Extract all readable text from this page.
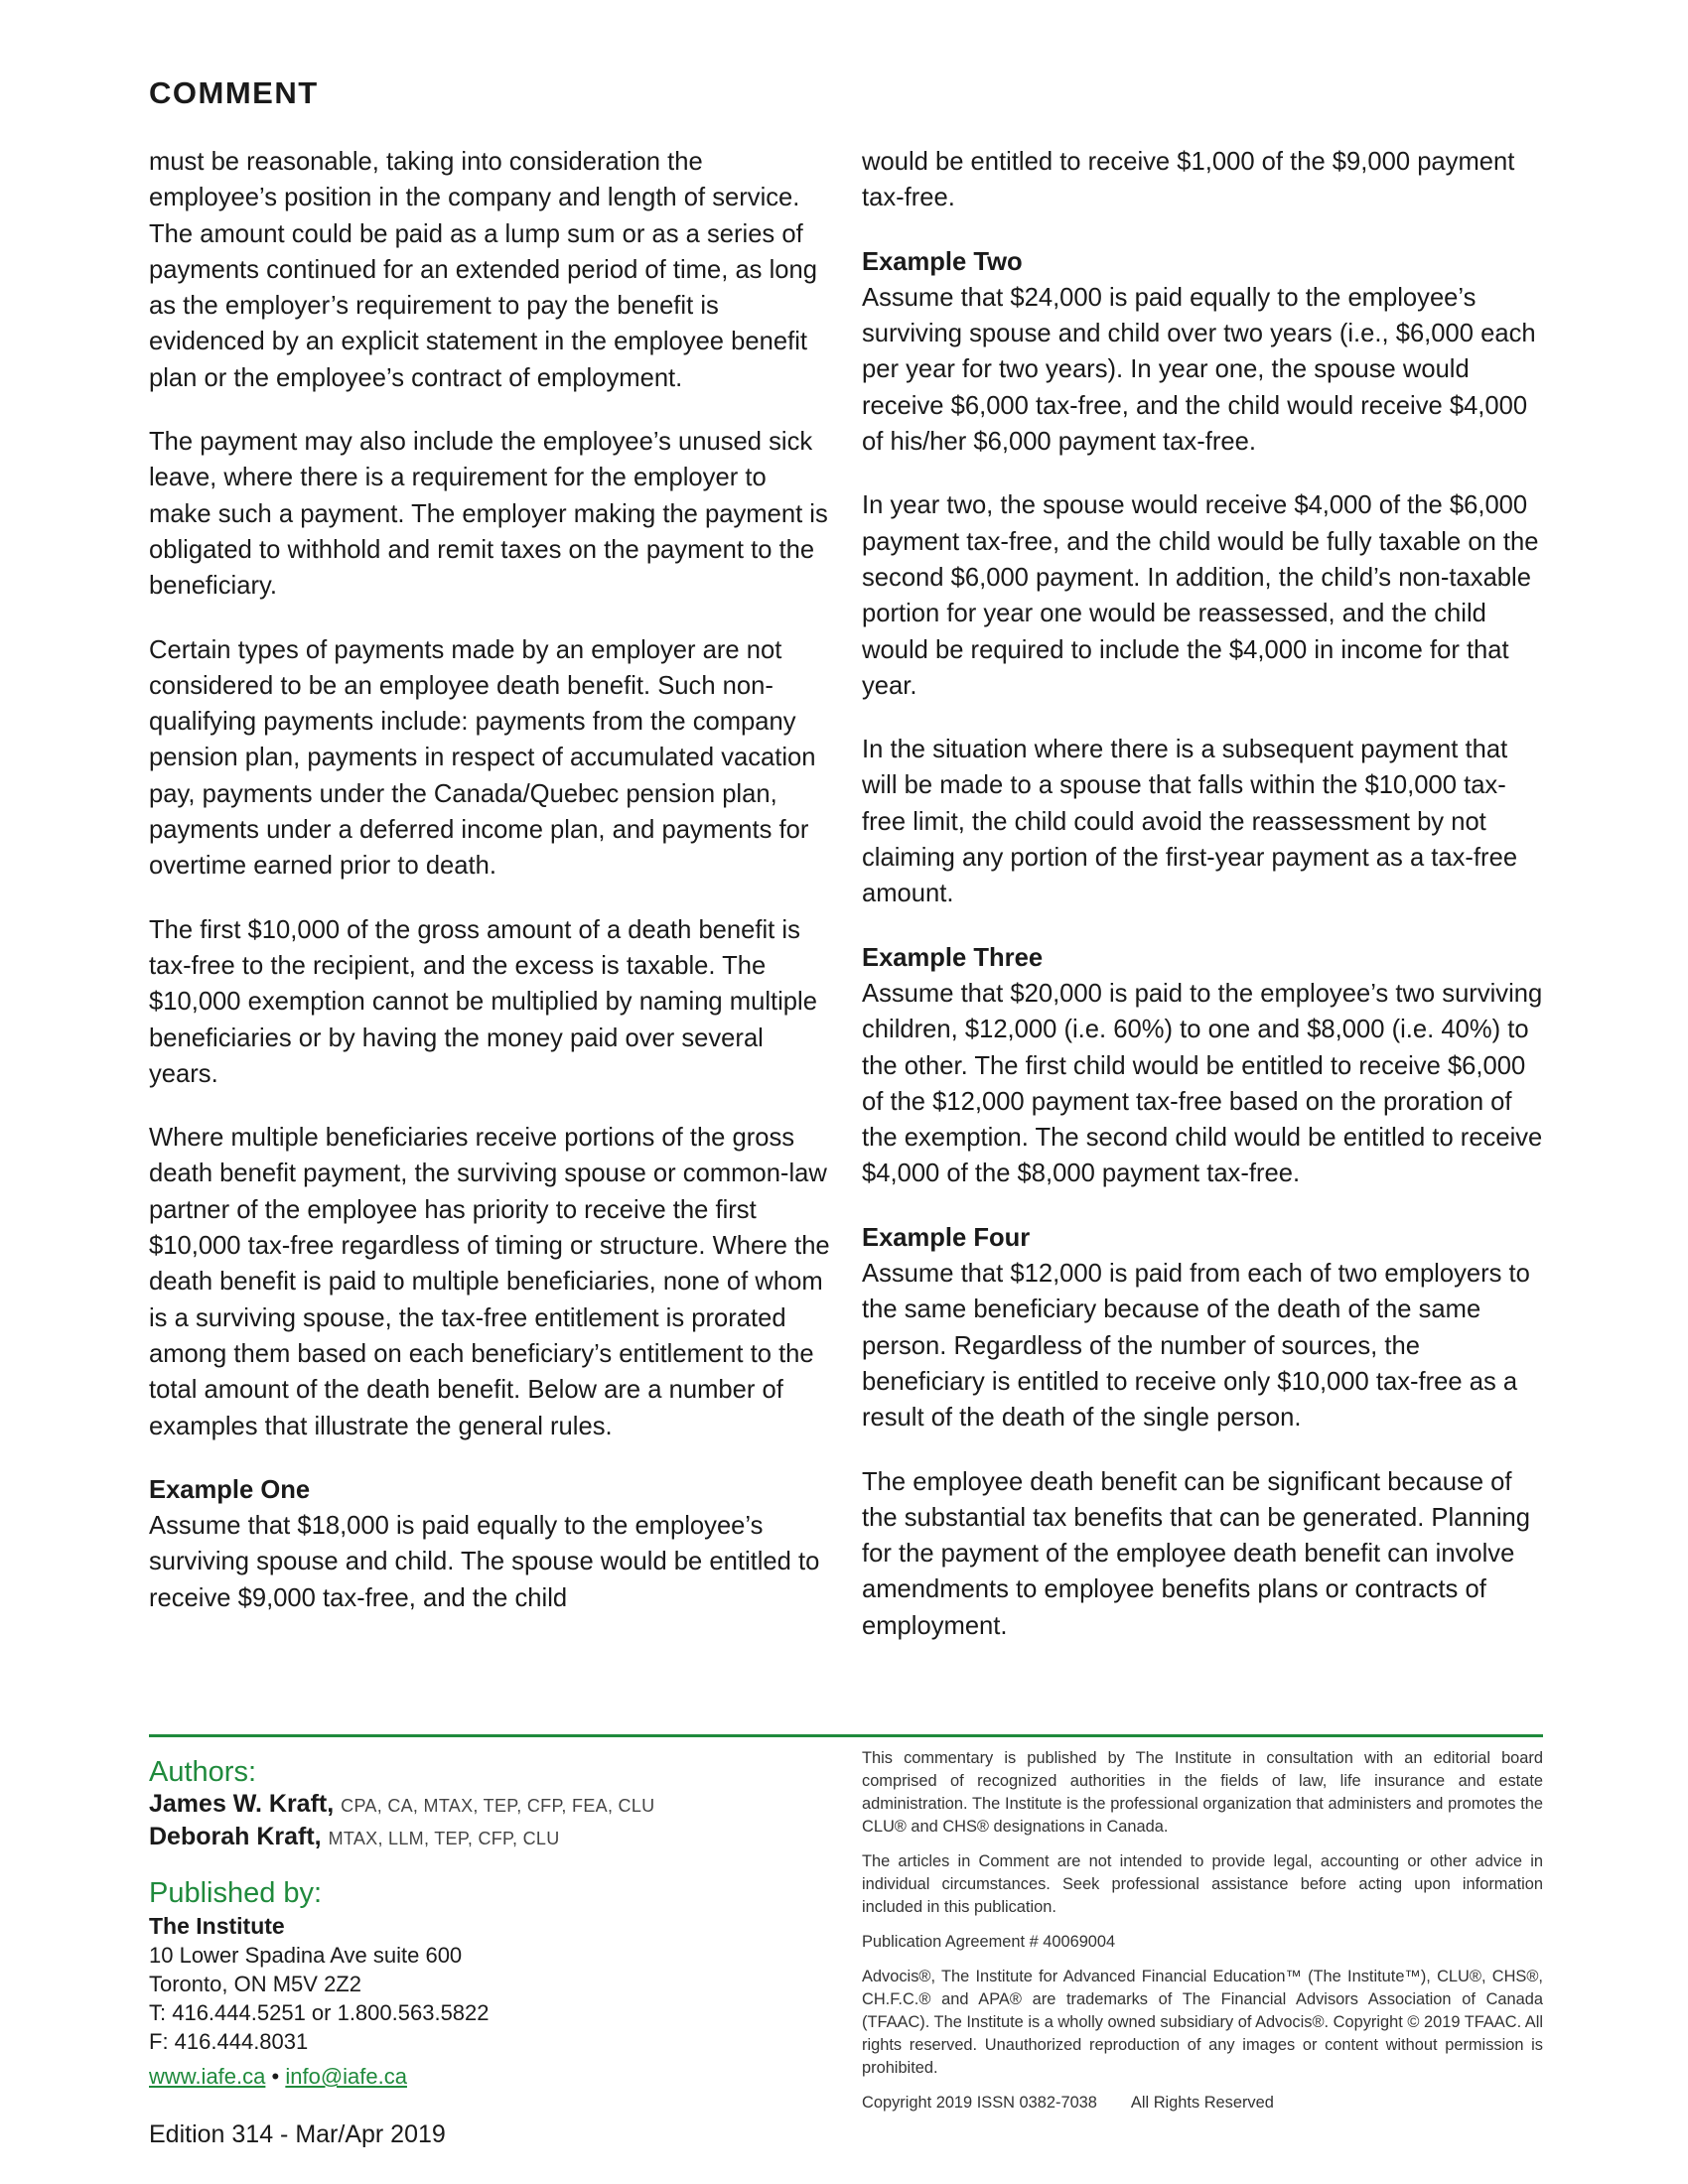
COMMENT

must be reasonable, taking into consideration the employee’s position in the company and length of service. The amount could be paid as a lump sum or as a series of payments continued for an extended period of time, as long as the employer’s requirement to pay the benefit is evidenced by an explicit statement in the employee benefit plan or the employee’s contract of employment.

The payment may also include the employee’s unused sick leave, where there is a requirement for the employer to make such a payment. The employer making the payment is obligated to withhold and remit taxes on the payment to the beneficiary.

Certain types of payments made by an employer are not considered to be an employee death benefit. Such non-qualifying payments include: payments from the company pension plan, payments in respect of accumulated vacation pay, payments under the Canada/Quebec pension plan, payments under a deferred income plan, and payments for overtime earned prior to death.

The first $10,000 of the gross amount of a death benefit is tax-free to the recipient, and the excess is taxable. The $10,000 exemption cannot be multiplied by naming multiple beneficiaries or by having the money paid over several years.

Where multiple beneficiaries receive portions of the gross death benefit payment, the surviving spouse or common-law partner of the employee has priority to receive the first $10,000 tax-free regardless of timing or structure. Where the death benefit is paid to multiple beneficiaries, none of whom is a surviving spouse, the tax-free entitlement is prorated among them based on each beneficiary’s entitlement to the total amount of the death benefit. Below are a number of examples that illustrate the general rules.

Example One

Assume that $18,000 is paid equally to the employee’s surviving spouse and child. The spouse would be entitled to receive $9,000 tax-free, and the child

would be entitled to receive $1,000 of the $9,000 payment tax-free.

Example Two

Assume that $24,000 is paid equally to the employee’s surviving spouse and child over two years (i.e., $6,000 each per year for two years). In year one, the spouse would receive $6,000 tax-free, and the child would receive $4,000 of his/her $6,000 payment tax-free.

In year two, the spouse would receive $4,000 of the $6,000 payment tax-free, and the child would be fully taxable on the second $6,000 payment. In addition, the child’s non-taxable portion for year one would be reassessed, and the child would be required to include the $4,000 in income for that year.

In the situation where there is a subsequent payment that will be made to a spouse that falls within the $10,000 tax-free limit, the child could avoid the reassessment by not claiming any portion of the first-year payment as a tax-free amount.

Example Three

Assume that $20,000 is paid to the employee’s two surviving children, $12,000 (i.e. 60%) to one and $8,000 (i.e. 40%) to the other. The first child would be entitled to receive $6,000 of the $12,000 payment tax-free based on the proration of the exemption. The second child would be entitled to receive $4,000 of the $8,000 payment tax-free.

Example Four

Assume that $12,000 is paid from each of two employers to the same beneficiary because of the death of the same person. Regardless of the number of sources, the beneficiary is entitled to receive only $10,000 tax-free as a result of the death of the single person.

The employee death benefit can be significant because of the substantial tax benefits that can be generated. Planning for the payment of the employee death benefit can involve amendments to employee benefits plans or contracts of employment.

Authors:

James W. Kraft, CPA, CA, MTAX, TEP, CFP, FEA, CLU

Deborah Kraft, MTAX, LLM, TEP, CFP, CLU

Published by:

The Institute

10 Lower Spadina Ave suite 600

Toronto, ON M5V 2Z2

T: 416.444.5251 or 1.800.563.5822

F: 416.444.8031

www.iafe.ca • info@iafe.ca

Edition 314 - Mar/Apr 2019

This commentary is published by The Institute in consultation with an editorial board comprised of recognized authorities in the fields of law, life insurance and estate administration. The Institute is the professional organization that administers and promotes the CLU® and CHS® designations in Canada.

The articles in Comment are not intended to provide legal, accounting or other advice in individual circumstances. Seek professional assistance before acting upon information included in this publication.

Publication Agreement # 40069004

Advocis®, The Institute for Advanced Financial Education™ (The Institute™), CLU®, CHS®, CH.F.C.® and APA® are trademarks of The Financial Advisors Association of Canada (TFAAC). The Institute is a wholly owned subsidiary of Advocis®. Copyright © 2019 TFAAC. All rights reserved. Unauthorized reproduction of any images or content without permission is prohibited.

Copyright 2019 ISSN 0382-7038 All Rights Reserved
